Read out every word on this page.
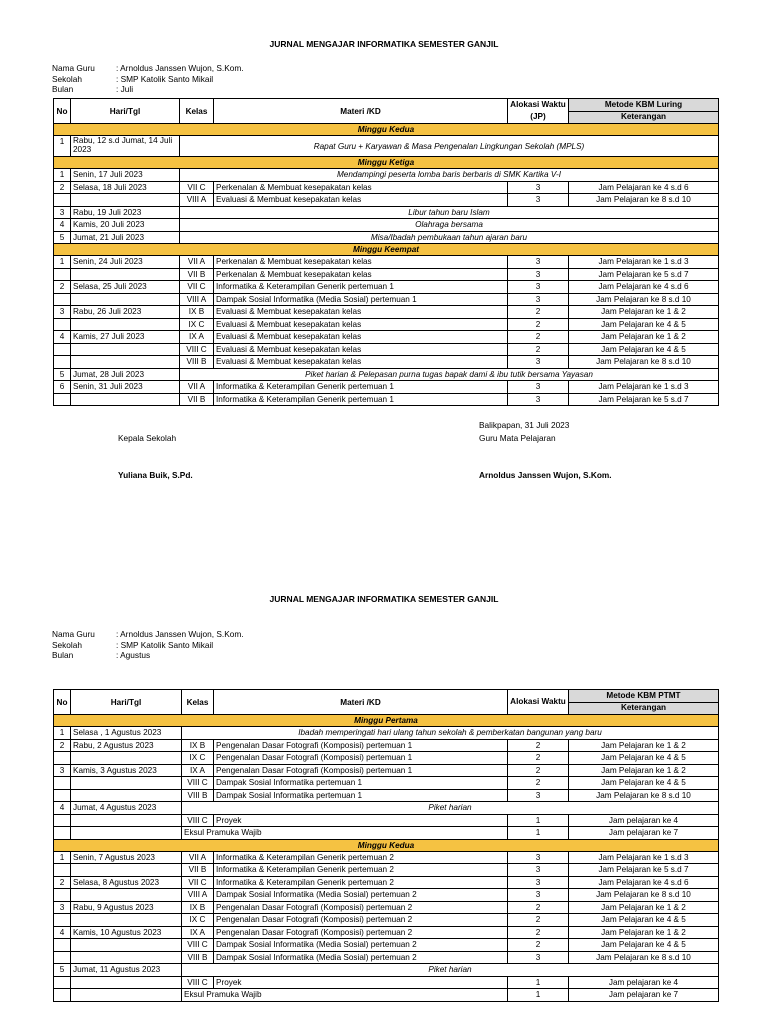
JURNAL MENGAJAR INFORMATIKA SEMESTER GANJIL
Nama Guru	: Arnoldus Janssen Wujon, S.Kom.
Sekolah	: SMP Katolik Santo Mikail
Bulan	: Juli
No	Hari/Tgl	Kelas	Materi /KD	Alokasi Waktu (JP)	Metode KBM Luring
					Keterangan
Minggu Kedua					
1	Rabu, 12 s.d Jumat, 14 Juli 2023	Rapat Guru + Karyawan & Masa Pengenalan Lingkungan Sekolah (MPLS)			
Minggu Ketiga					
1	Senin, 17 Juli 2023	Mendampingi peserta lomba baris berbaris di SMK Kartika V-I			
2	Selasa, 18 Juli 2023	VII C	Perkenalan & Membuat kesepakatan kelas	3	Jam Pelajaran ke 4 s.d 6
		VIII A	Evaluasi & Membuat kesepakatan kelas	3	Jam Pelajaran ke 8 s.d 10
3	Rabu, 19 Juli 2023	Libur tahun baru Islam			
4	Kamis, 20 Juli 2023	Olahraga bersama			
5	Jumat, 21 Juli 2023	Misa/Ibadah pembukaan tahun ajaran baru			
Minggu Keempat					
1	Senin, 24 Juli 2023	VII A	Perkenalan & Membuat kesepakatan kelas	3	Jam Pelajaran ke 1 s.d 3
		VII B	Perkenalan & Membuat kesepakatan kelas	3	Jam Pelajaran ke 5 s.d 7
2	Selasa, 25 Juli 2023	VII C	Informatika & Keterampilan Generik pertemuan 1	3	Jam Pelajaran ke 4 s.d 6
		VIII A	Dampak Sosial Informatika (Media Sosial) pertemuan 1	3	Jam Pelajaran ke 8 s.d 10
3	Rabu, 26 Juli 2023	IX B	Evaluasi & Membuat kesepakatan kelas	2	Jam Pelajaran ke 1 & 2
		IX C	Evaluasi & Membuat kesepakatan kelas	2	Jam Pelajaran ke 4 & 5
4	Kamis, 27 Juli 2023	IX A	Evaluasi & Membuat kesepakatan kelas	2	Jam Pelajaran ke 1 & 2
		VIII C	Evaluasi & Membuat kesepakatan kelas	2	Jam Pelajaran ke 4 & 5
		VIII B	Evaluasi & Membuat kesepakatan kelas	3	Jam Pelajaran ke 8 s.d 10
5	Jumat, 28 Juli 2023	Piket harian & Pelepasan purna tugas bapak dami & ibu tutik bersama Yayasan			
6	Senin, 31 Juli 2023	VII A	Informatika & Keterampilan Generik pertemuan 1	3	Jam Pelajaran ke 1 s.d 3
		VII B	Informatika & Keterampilan Generik pertemuan 1	3	Jam Pelajaran ke 5 s.d 7
Balikpapan, 31 Juli 2023
Kepala Sekolah	Guru Mata Pelajaran
Yuliana Buik, S.Pd.	Arnoldus Janssen Wujon, S.Kom.
JURNAL MENGAJAR INFORMATIKA SEMESTER GANJIL
Nama Guru	: Arnoldus Janssen Wujon, S.Kom.
Sekolah	: SMP Katolik Santo Mikail
Bulan	: Agustus
No	Hari/Tgl	Kelas	Materi /KD	Alokasi Waktu	Metode KBM PTMT
					Keterangan
Minggu Pertama					
1	Selasa , 1 Agustus 2023	Ibadah memperingati hari ulang tahun sekolah & pemberkatan bangunan yang baru			
2	Rabu, 2 Agustus 2023	IX B	Pengenalan Dasar Fotografi (Komposisi) pertemuan 1	2	Jam Pelajaran ke 1 & 2
		IX C	Pengenalan Dasar Fotografi (Komposisi) pertemuan 1	2	Jam Pelajaran ke 4 & 5
3	Kamis, 3 Agustus 2023	IX A	Pengenalan Dasar Fotografi (Komposisi) pertemuan 1	2	Jam Pelajaran ke 1 & 2
		VIII C	Dampak Sosial Informatika pertemuan 1	2	Jam Pelajaran ke 4 & 5
		VIII B	Dampak Sosial Informatika pertemuan 1	3	Jam Pelajaran ke 8 s.d 10
4	Jumat, 4 Agustus 2023	Piket harian			
		VIII C	Proyek	1	Jam pelajaran ke 4
		Eksul Pramuka Wajib		1	Jam pelajaran ke 7
Minggu Kedua					
1	Senin, 7 Agustus 2023	VII A	Informatika & Keterampilan Generik pertemuan 2	3	Jam Pelajaran ke 1 s.d 3
		VII B	Informatika & Keterampilan Generik pertemuan 2	3	Jam Pelajaran ke 5 s.d 7
2	Selasa, 8 Agustus 2023	VII C	Informatika & Keterampilan Generik pertemuan 2	3	Jam Pelajaran ke 4 s.d 6
		VIII A	Dampak Sosial Informatika (Media Sosial) pertemuan 2	3	Jam Pelajaran ke 8 s.d 10
3	Rabu, 9 Agustus 2023	IX B	Pengenalan Dasar Fotografi (Komposisi) pertemuan 2	2	Jam Pelajaran ke 1 & 2
		IX C	Pengenalan Dasar Fotografi (Komposisi) pertemuan 2	2	Jam Pelajaran ke 4 & 5
4	Kamis, 10 Agustus 2023	IX A	Pengenalan Dasar Fotografi (Komposisi) pertemuan 2	2	Jam Pelajaran ke 1 & 2
		VIII C	Dampak Sosial Informatika (Media Sosial) pertemuan 2	2	Jam Pelajaran ke 4 & 5
		VIII B	Dampak Sosial Informatika (Media Sosial) pertemuan 2	3	Jam Pelajaran ke 8 s.d 10
5	Jumat, 11 Agustus 2023	Piket harian			
		VIII C	Proyek	1	Jam pelajaran ke 4
		Eksul Pramuka Wajib		1	Jam pelajaran ke 7
